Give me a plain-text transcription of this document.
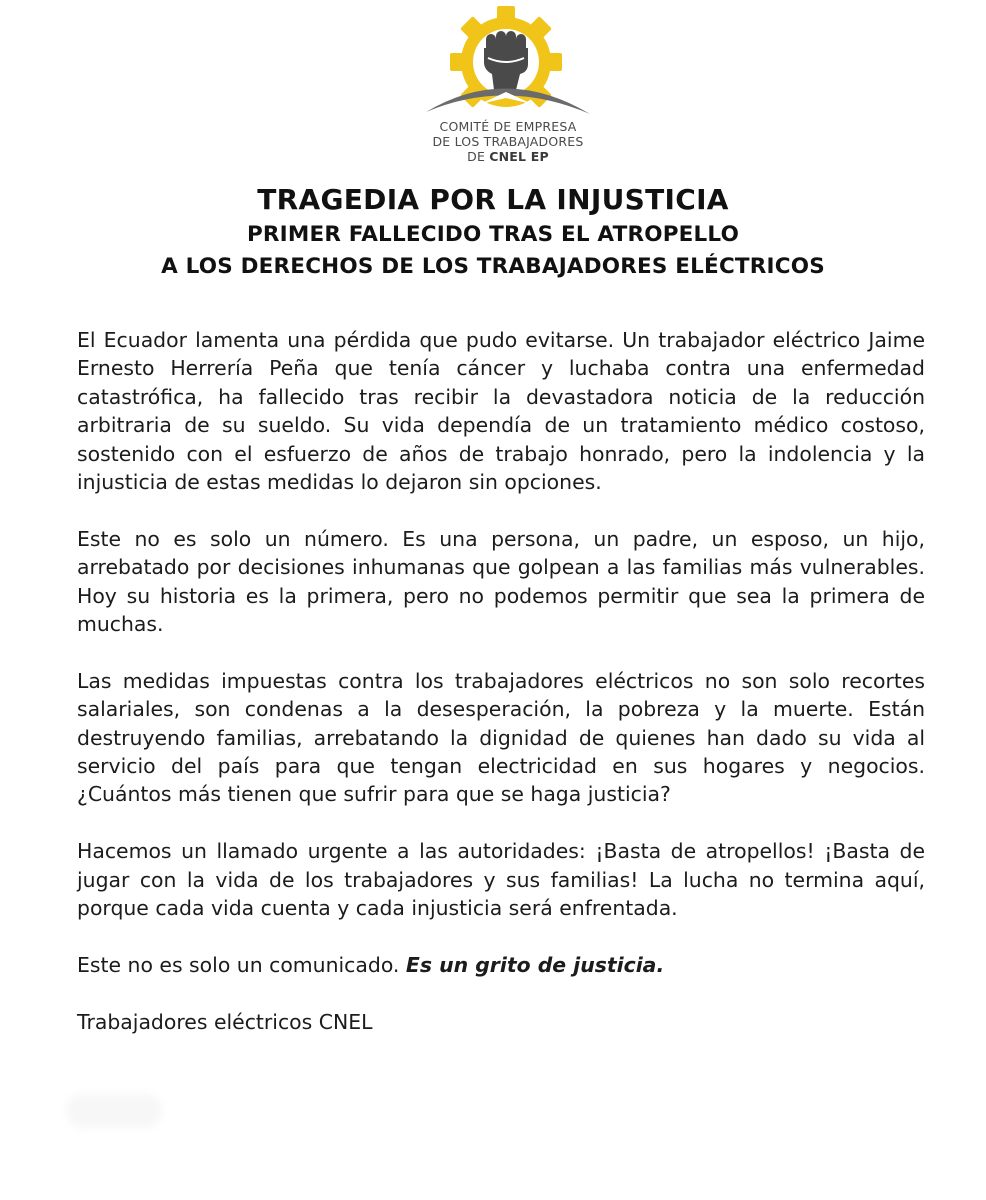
COMITÉ DE EMPRESA
DE LOS TRABAJADORES
DE CNEL EP
TRAGEDIA POR LA INJUSTICIA
PRIMER FALLECIDO TRAS EL ATROPELLO
A LOS DERECHOS DE LOS TRABAJADORES ELÉCTRICOS

El Ecuador lamenta una pérdida que pudo evitarse. Un trabajador eléctrico Jaime Ernesto Herrería Peña que tenía cáncer y luchaba contra una enfermedad catastrófica, ha fallecido tras recibir la devastadora noticia de la reducción arbitraria de su sueldo. Su vida dependía de un tratamiento médico costoso, sostenido con el esfuerzo de años de trabajo honrado, pero la indolencia y la injusticia de estas medidas lo dejaron sin opciones.

Este no es solo un número. Es una persona, un padre, un esposo, un hijo, arrebatado por decisiones inhumanas que golpean a las familias más vulnerables. Hoy su historia es la primera, pero no podemos permitir que sea la primera de muchas.

Las medidas impuestas contra los trabajadores eléctricos no son solo recortes salariales, son condenas a la desesperación, la pobreza y la muerte. Están destruyendo familias, arrebatando la dignidad de quienes han dado su vida al servicio del país para que tengan electricidad en sus hogares y negocios. ¿Cuántos más tienen que sufrir para que se haga justicia?

Hacemos un llamado urgente a las autoridades: ¡Basta de atropellos! ¡Basta de jugar con la vida de los trabajadores y sus familias! La lucha no termina aquí, porque cada vida cuenta y cada injusticia será enfrentada.

Este no es solo un comunicado. Es un grito de justicia.

Trabajadores eléctricos CNEL
